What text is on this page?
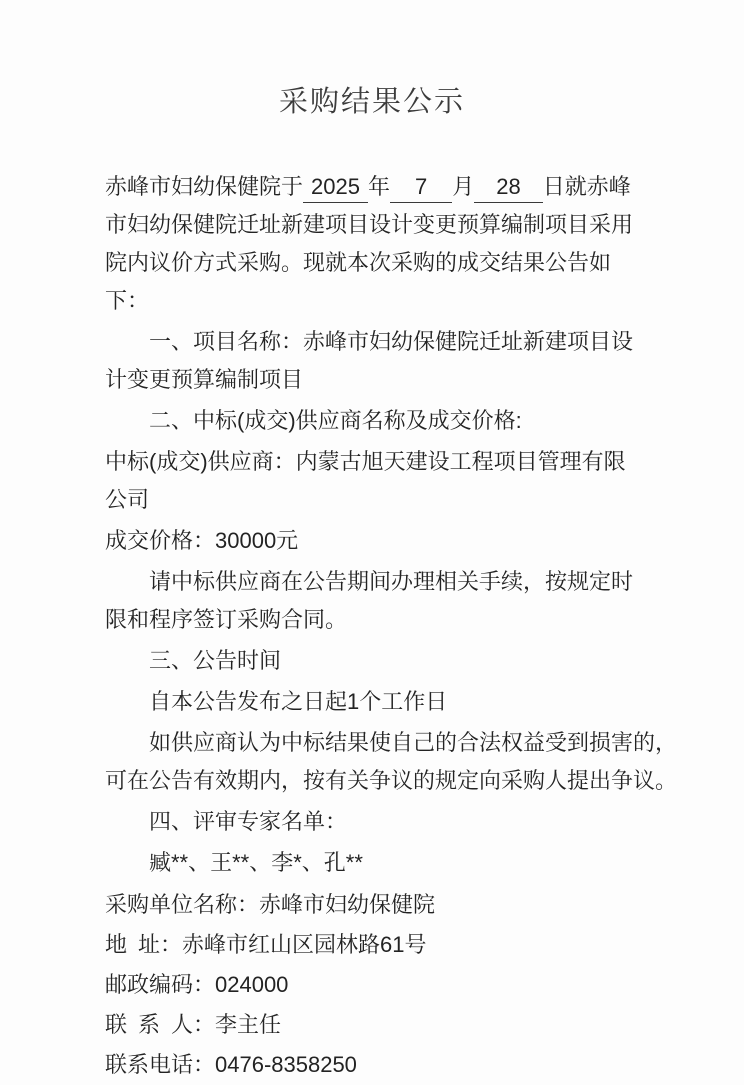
采购结果公示

赤峰市妇幼保健院于 2025 年 7 月 28 日就赤峰市妇幼保健院迁址新建项目设计变更预算编制项目采用院内议价方式采购。现就本次采购的成交结果公告如下：

一、项目名称：赤峰市妇幼保健院迁址新建项目设计变更预算编制项目

二、中标(成交)供应商名称及成交价格:

中标(成交)供应商：内蒙古旭天建设工程项目管理有限公司

成交价格：30000元

请中标供应商在公告期间办理相关手续，按规定时限和程序签订采购合同。

三、公告时间

自本公告发布之日起1个工作日

如供应商认为中标结果使自己的合法权益受到损害的，可在公告有效期内，按有关争议的规定向采购人提出争议。

四、评审专家名单：

臧**、王**、李*、孔**

采购单位名称：赤峰市妇幼保健院

地 址：赤峰市红山区园林路61号

邮政编码：024000

联 系 人：李主任

联系电话：0476-8358250
